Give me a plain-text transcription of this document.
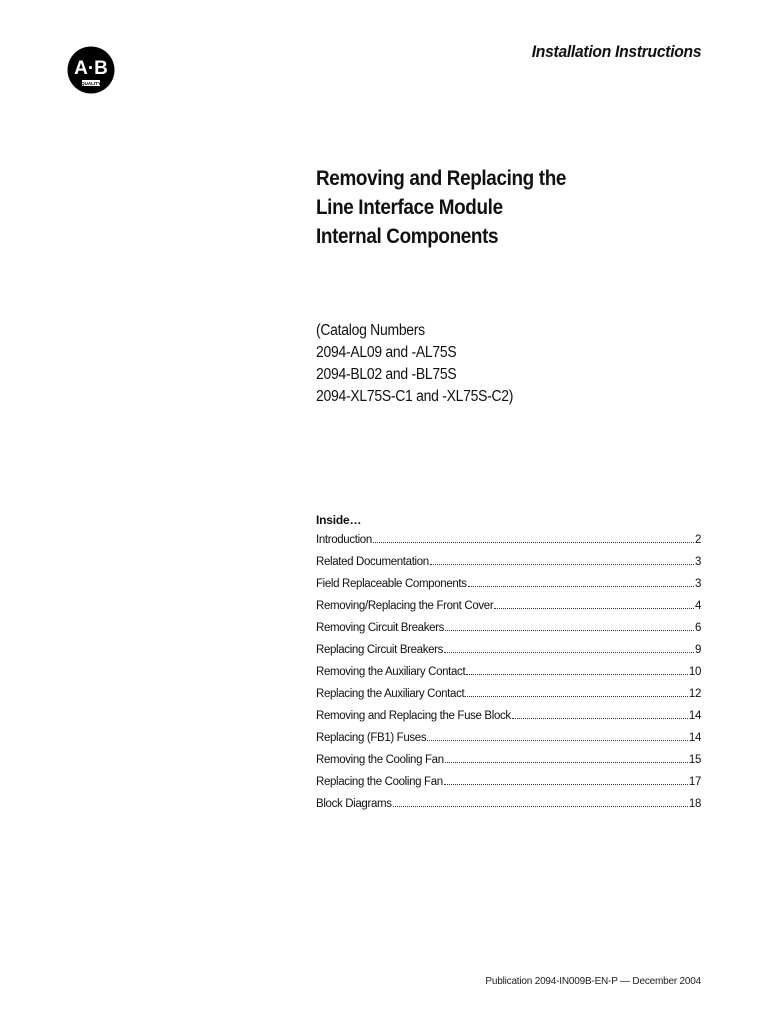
A·B
QUALITY
Installation Instructions
Removing and Replacing the
Line Interface Module
Internal Components
(Catalog Numbers
2094-AL09 and -AL75S
2094-BL02 and -BL75S
2094-XL75S-C1 and -XL75S-C2)
Inside…
Introduction	2
Related Documentation	3
Field Replaceable Components	3
Removing/Replacing the Front Cover	4
Removing Circuit Breakers	6
Replacing Circuit Breakers	9
Removing the Auxiliary Contact	10
Replacing the Auxiliary Contact	12
Removing and Replacing the Fuse Block	14
Replacing (FB1) Fuses	14
Removing the Cooling Fan	15
Replacing the Cooling Fan	17
Block Diagrams	18
Publication 2094-IN009B-EN-P — December 2004
